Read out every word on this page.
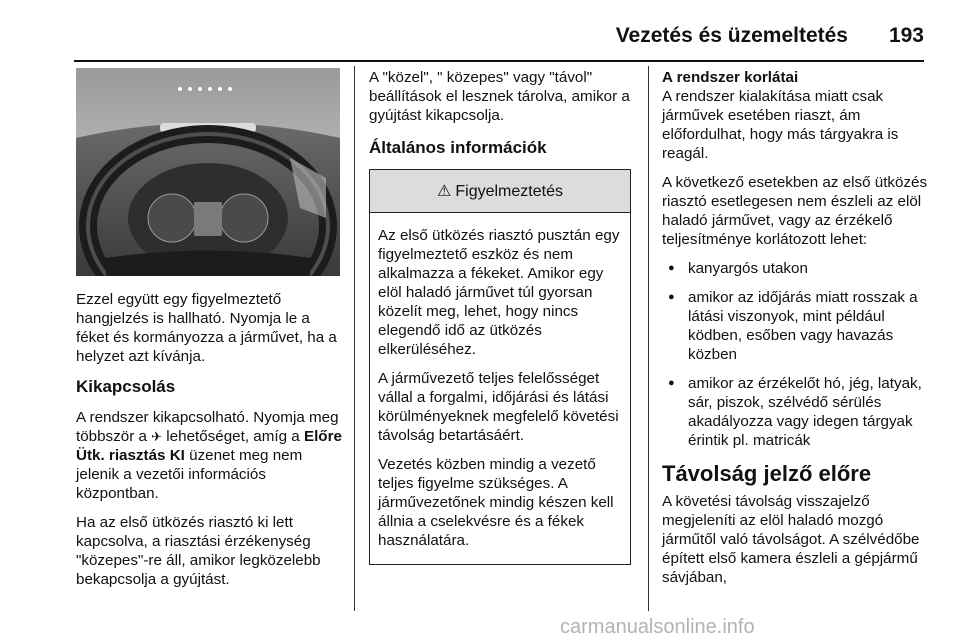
Vezetés és üzemeltetés 193

Ezzel együtt egy figyelmeztető hangjelzés is hallható. Nyomja le a féket és kormányozza a járművet, ha a helyzet azt kívánja.

Kikapcsolás

A rendszer kikapcsolható. Nyomja meg többször a ✈ lehetőséget, amíg a Előre Ütk. riasztás KI üzenet meg nem jelenik a vezetői információs központban.

Ha az első ütközés riasztó ki lett kapcsolva, a riasztási érzékenység "közepes"-re áll, amikor legközelebb bekapcsolja a gyújtást.

A "közel", " közepes" vagy "távol" beállítások el lesznek tárolva, amikor a gyújtást kikapcsolja.

Általános információk
⚠ Figyelmeztetés

Az első ütközés riasztó pusztán egy figyelmeztető eszköz és nem alkalmazza a fékeket. Amikor egy elöl haladó járművet túl gyorsan közelít meg, lehet, hogy nincs elegendő idő az ütközés elkerüléséhez.

A járművezető teljes felelősséget vállal a forgalmi, időjárási és látási körülményeknek megfelelő követési távolság betartásáért.

Vezetés közben mindig a vezető teljes figyelme szükséges. A járművezetőnek mindig készen kell állnia a cselekvésre és a fékek használatára.

A rendszer korlátai

A rendszer kialakítása miatt csak járművek esetében riaszt, ám előfordulhat, hogy más tárgyakra is reagál.

A következő esetekben az első ütközés riasztó esetlegesen nem észleli az elöl haladó járművet, vagy az érzékelő teljesítménye korlátozott lehet:

● kanyargós utakon
● amikor az időjárás miatt rosszak a látási viszonyok, mint például ködben, esőben vagy havazás közben
● amikor az érzékelőt hó, jég, latyak, sár, piszok, szélvédő sérülés akadályozza vagy idegen tárgyak érintik pl. matricák
Távolság jelző előre

A követési távolság visszajelző megjeleníti az elöl haladó mozgó járműtől való távolságot. A szélvédőbe épített első kamera észleli a gépjármű sávjában,

carmanualsonline.info
